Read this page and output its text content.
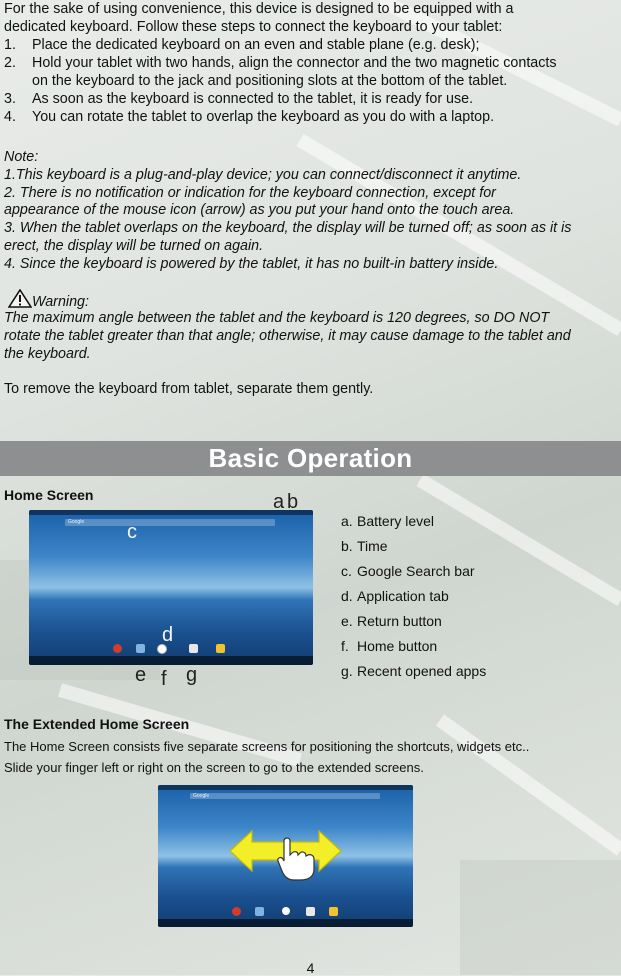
For the sake of using convenience, this device is designed to be equipped with a

dedicated keyboard. Follow these steps to connect the keyboard to your tablet:
1. Place the dedicated keyboard on an even and stable plane (e.g. desk);
2. Hold your tablet with two hands, align the connector and the two magnetic contacts
on the keyboard to the jack and positioning slots at the bottom of the tablet.
3. As soon as the keyboard is connected to the tablet, it is ready for use.
4. You can rotate the tablet to overlap the keyboard as you do with a laptop.
Note:
1.This keyboard is a plug-and-play device; you can connect/disconnect it anytime.
2. There is no notification or indication for the keyboard connection, except for
appearance of the mouse icon (arrow) as you put your hand onto the touch area.
3. When the tablet overlaps on the keyboard, the display will be turned off; as soon as it is
erect, the display will be turned on again.
4. Since the keyboard is powered by the tablet, it has no built-in battery inside.
Warning:
The maximum angle between the tablet and the keyboard is 120 degrees, so DO NOT
rotate the tablet greater than that angle; otherwise, it may cause damage to the tablet and
the keyboard.
To remove the keyboard from tablet, separate them gently.
Basic Operation
Home Screen
Google
a b
c
d
e f g
a. Battery level
b. Time
c. Google Search bar
d. Application tab
e. Return button
f. Home button
g. Recent opened apps
The Extended Home Screen
The Home Screen consists five separate screens for positioning the shortcuts, widgets etc..
Slide your finger left or right on the screen to go to the extended screens.
Google
4
